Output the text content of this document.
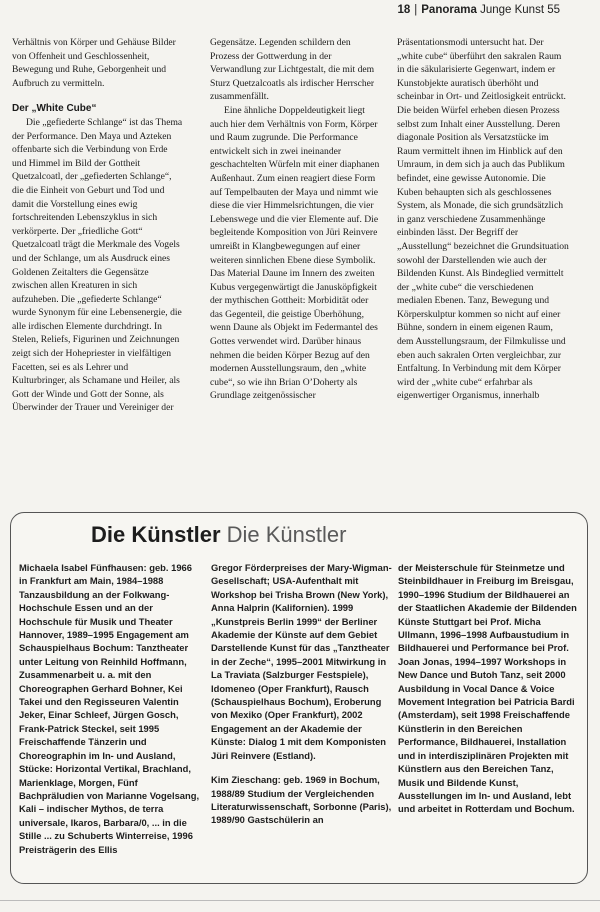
18 | Panorama Junge Kunst 55

Verhältnis von Körper und Gehäuse Bilder von Offenheit und Geschlossenheit, Bewegung und Ruhe, Geborgenheit und Aufbruch zu vermitteln.

Der „White Cube“

Die „gefiederte Schlange“ ist das Thema der Performance. Den Maya und Azteken offenbarte sich die Verbindung von Erde und Himmel im Bild der Gottheit Quetzalcoatl, der „gefiederten Schlange“, die die Einheit von Geburt und Tod und damit die Vorstellung eines ewig fortschreitenden Lebenszyklus in sich verkörperte. Der „friedliche Gott“ Quetzalcoatl trägt die Merkmale des Vogels und der Schlange, um als Ausdruck eines Goldenen Zeitalters die Gegensätze zwischen allen Kreaturen in sich aufzuheben. Die „gefiederte Schlange“ wurde Synonym für eine Lebensenergie, die alle irdischen Elemente durchdringt. In Stelen, Reliefs, Figurinen und Zeichnungen zeigt sich der Hohepriester in vielfältigen Facetten, sei es als Lehrer und Kulturbringer, als Schamane und Heiler, als Gott der Winde und Gott der Sonne, als Überwinder der Trauer und Vereiniger der

Gegensätze. Legenden schildern den Prozess der Gottwerdung in der Verwandlung zur Lichtgestalt, die mit dem Sturz Quetzalcoatls als irdischer Herrscher zusammenfällt.

Eine ähnliche Doppeldeutigkeit liegt auch hier dem Verhältnis von Form, Körper und Raum zugrunde. Die Performance entwickelt sich in zwei ineinander geschachtelten Würfeln mit einer diaphanen Außenhaut. Zum einen reagiert diese Form auf Tempelbauten der Maya und nimmt wie diese die vier Himmelsrichtungen, die vier Lebenswege und die vier Elemente auf. Die begleitende Komposition von Jüri Reinvere umreißt in Klangbewegungen auf einer weiteren sinnlichen Ebene diese Symbolik. Das Material Daune im Innern des zweiten Kubus vergegenwärtigt die Janusköpfigkeit der mythischen Gottheit: Morbidität oder das Gegenteil, die geistige Überhöhung, wenn Daune als Objekt im Federmantel des Gottes verwendet wird. Darüber hinaus nehmen die beiden Körper Bezug auf den modernen Ausstellungsraum, den „white cube“, so wie ihn Brian O’Doherty als Grundlage zeitgenössischer

Präsentationsmodi untersucht hat. Der „white cube“ überführt den sakralen Raum in die säkularisierte Gegenwart, indem er Kunstobjekte auratisch überhöht und scheinbar in Ort- und Zeitlosigkeit entrückt. Die beiden Würfel erheben diesen Prozess selbst zum Inhalt einer Ausstellung. Deren diagonale Position als Versatzstücke im Raum vermittelt ihnen im Hinblick auf den Umraum, in dem sich ja auch das Publikum befindet, eine gewisse Autonomie. Die Kuben behaupten sich als geschlossenes System, als Monade, die sich grundsätzlich in ganz verschiedene Zusammenhänge einbinden lässt. Der Begriff der „Ausstellung“ bezeichnet die Grundsituation sowohl der Darstellenden wie auch der Bildenden Kunst. Als Bindeglied vermittelt der „white cube“ die verschiedenen medialen Ebenen. Tanz, Bewegung und Körperskulptur kommen so nicht auf einer Bühne, sondern in einem eigenen Raum, dem Ausstellungsraum, der Filmkulisse und eben auch sakralen Orten vergleichbar, zur Entfaltung. In Verbindung mit dem Körper wird der „white cube“ erfahrbar als eigenwertiger Organismus, innerhalb

Die Künstler Die Künstler

Michaela Isabel Fünfhausen: geb. 1966 in Frankfurt am Main, 1984–1988 Tanzausbildung an der Folkwang-Hochschule Essen und an der Hochschule für Musik und Theater Hannover, 1989–1995 Engagement am Schauspielhaus Bochum: Tanztheater unter Leitung von Reinhild Hoffmann, Zusammenarbeit u. a. mit den Choreographen Gerhard Bohner, Kei Takei und den Regisseuren Valentin Jeker, Einar Schleef, Jürgen Gosch, Frank-Patrick Steckel, seit 1995 Freischaffende Tänzerin und Choreographin im In- und Ausland, Stücke: Horizontal Vertikal, Brachland, Marienklage, Morgen, Fünf Bachpräludien von Marianne Vogelsang, Kali – indischer Mythos, de terra universale, Ikaros, Barbara/0, ... in die Stille ... zu Schuberts Winterreise, 1996 Preisträgerin des Ellis

Gregor Förderpreises der Mary-Wigman-Gesellschaft; USA-Aufenthalt mit Workshop bei Trisha Brown (New York), Anna Halprin (Kalifornien). 1999 „Kunstpreis Berlin 1999“ der Berliner Akademie der Künste auf dem Gebiet Darstellende Kunst für das „Tanztheater in der Zeche“, 1995–2001 Mitwirkung in La Traviata (Salzburger Festspiele), Idomeneo (Oper Frankfurt), Rausch (Schauspielhaus Bochum), Eroberung von Mexiko (Oper Frankfurt), 2002 Engagement an der Akademie der Künste: Dialog 1 mit dem Komponisten Jüri Reinvere (Estland).

Kim Zieschang: geb. 1969 in Bochum, 1988/89 Studium der Vergleichenden Literaturwissenschaft, Sorbonne (Paris), 1989/90 Gastschülerin an

der Meisterschule für Steinmetze und Steinbildhauer in Freiburg im Breisgau, 1990–1996 Studium der Bildhauerei an der Staatlichen Akademie der Bildenden Künste Stuttgart bei Prof. Micha Ullmann, 1996–1998 Aufbaustudium in Bildhauerei und Performance bei Prof. Joan Jonas, 1994–1997 Workshops in New Dance und Butoh Tanz, seit 2000 Ausbildung in Vocal Dance & Voice Movement Integration bei Patricia Bardi (Amsterdam), seit 1998 Freischaffende Künstlerin in den Bereichen Performance, Bildhauerei, Installation und in interdisziplinären Projekten mit Künstlern aus den Bereichen Tanz, Musik und Bildende Kunst, Ausstellungen im In- und Ausland, lebt und arbeitet in Rotterdam und Bochum.
